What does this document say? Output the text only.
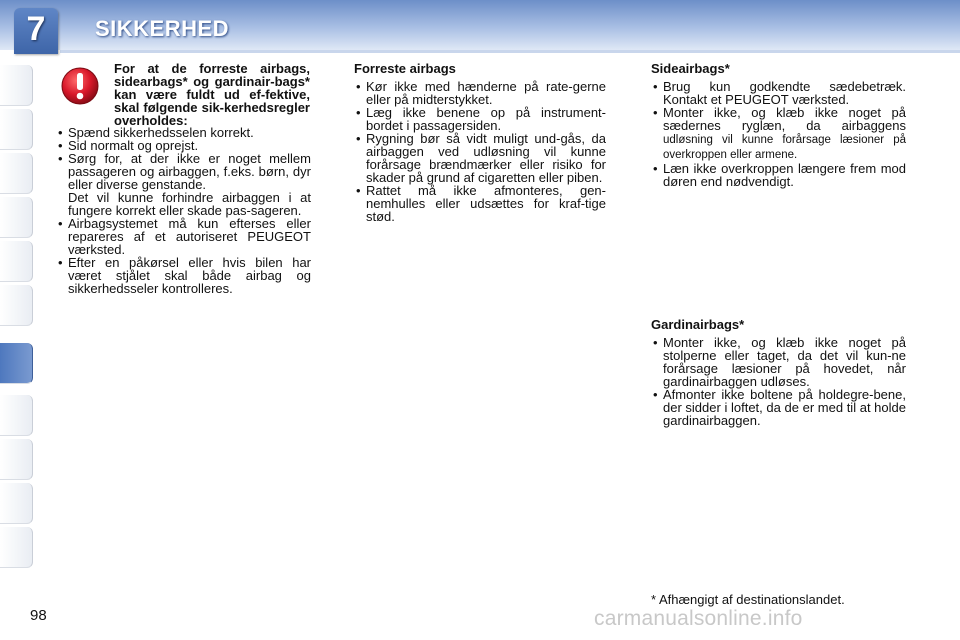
7	SIKKERHED
For at de forreste airbags, sidearbags* og gardinair-bags* kan være fuldt ud ef-fektive, skal følgende sik-kerhedsregler overholdes:
• Spænd sikkerhedsselen korrekt.
• Sid normalt og oprejst.
• Sørg for, at der ikke er noget mellem passageren og airbaggen, f.eks. børn, dyr eller diverse genstande.
Det vil kunne forhindre airbaggen i at fungere korrekt eller skade pas-sageren.
• Airbagsystemet må kun efterses eller repareres af et autoriseret PEUGEOT værksted.
• Efter en påkørsel eller hvis bilen har været stjålet skal både airbag og sikkerhedsseler kontrolleres.
Forreste airbags
• Kør ikke med hænderne på rate-gerne eller på midterstykket.
• Læg ikke benene op på instrument-bordet i passagersiden.
• Rygning bør så vidt muligt und-gås, da airbaggen ved udløsning vil kunne forårsage brændmærker eller risiko for skader på grund af cigaretten eller piben.
• Rattet må ikke afmonteres, gen-nemhulles eller udsættes for kraf-tige stød.
Sideairbags*
• Brug kun godkendte sædebetræk. Kontakt et PEUGEOT værksted.
• Monter ikke, og klæb ikke noget på sædernes ryglæn, da airbaggens udløsning vil kunne forårsage læsioner på overkroppen eller armene.
• Læn ikke overkroppen længere frem mod døren end nødvendigt.
Gardinairbags*
• Monter ikke, og klæb ikke noget på stolperne eller taget, da det vil kun-ne forårsage læsioner på hovedet, når gardinairbaggen udløses.
• Afmonter ikke boltene på holdegre-bene, der sidder i loftet, da de er med til at holde gardinairbaggen.
* Afhængigt af destinationslandet.
98	carmanualsonline.info
